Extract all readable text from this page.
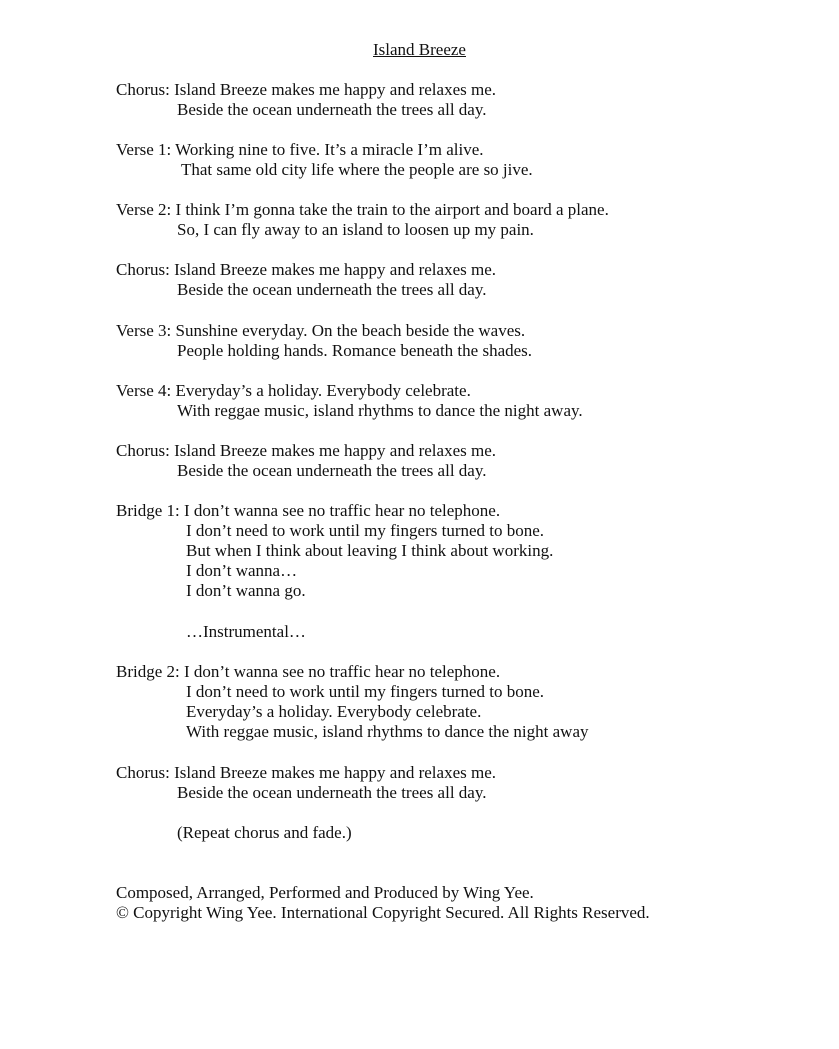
Island Breeze
Chorus: Island Breeze makes me happy and relaxes me.
Beside the ocean underneath the trees all day.
Verse 1: Working nine to five. It’s a miracle I’m alive.
That same old city life where the people are so jive.
Verse 2: I think I’m gonna take the train to the airport and board a plane.
So, I can fly away to an island to loosen up my pain.
Chorus: Island Breeze makes me happy and relaxes me.
Beside the ocean underneath the trees all day.
Verse 3: Sunshine everyday. On the beach beside the waves.
People holding hands. Romance beneath the shades.
Verse 4: Everyday’s a holiday. Everybody celebrate.
With reggae music, island rhythms to dance the night away.
Chorus: Island Breeze makes me happy and relaxes me.
Beside the ocean underneath the trees all day.
Bridge 1: I don’t wanna see no traffic hear no telephone.
I don’t need to work until my fingers turned to bone.
But when I think about leaving I think about working.
I don’t wanna…
I don’t wanna go.
…Instrumental…
Bridge 2: I don’t wanna see no traffic hear no telephone.
I don’t need to work until my fingers turned to bone.
Everyday’s a holiday. Everybody celebrate.
With reggae music, island rhythms to dance the night away
Chorus: Island Breeze makes me happy and relaxes me.
Beside the ocean underneath the trees all day.
(Repeat chorus and fade.)
Composed, Arranged, Performed and Produced by Wing Yee.
© Copyright Wing Yee. International Copyright Secured. All Rights Reserved.
